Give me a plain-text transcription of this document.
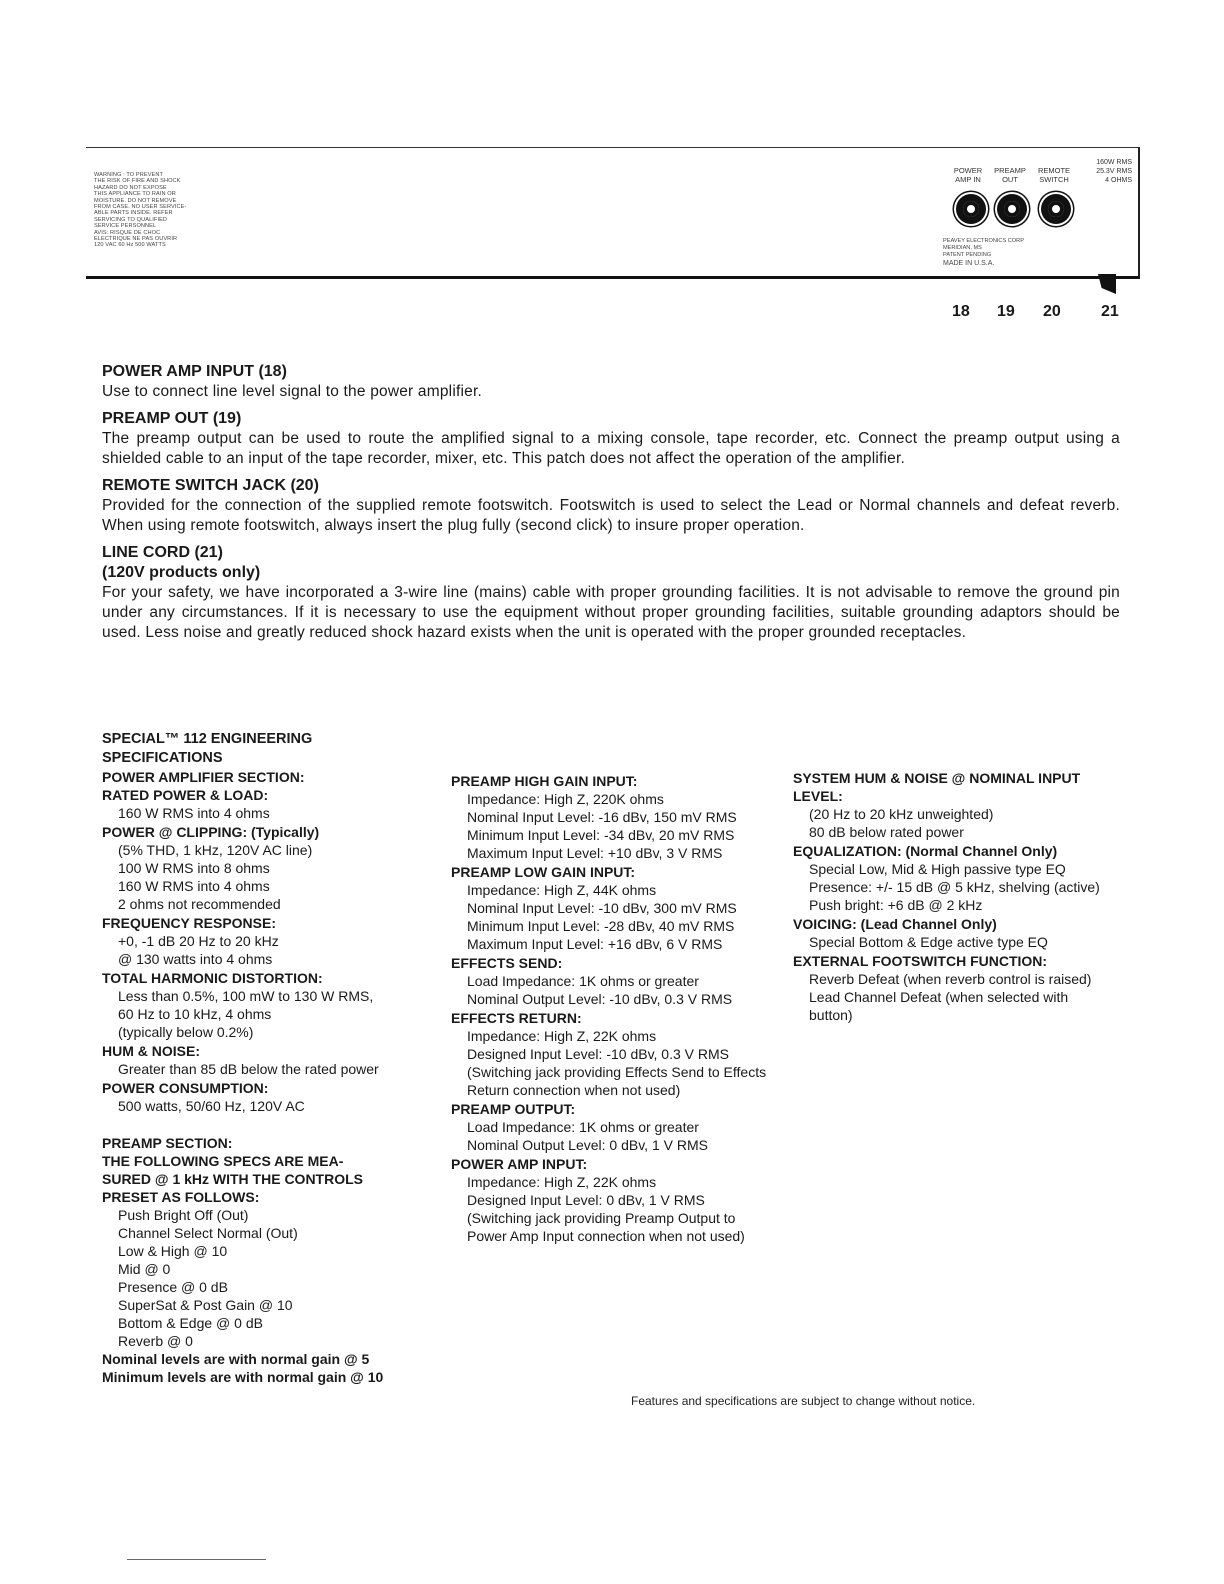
WARNING : TO PREVENT
THE RISK OF FIRE AND SHOCK
HAZARD DO NOT EXPOSE
THIS APPLIANCE TO RAIN OR
MOISTURE. DO NOT REMOVE
FROM CASE. NO USER SERVICE-
ABLE PARTS INSIDE. REFER
SERVICING TO QUALIFIED
SERVICE PERSONNEL
AVIS: RISQUE DE CHOC
ELECTRIQUE NE PAS OUVRIR
120 VAC 60 Hz 500 WATTS
POWER
AMP IN
PREAMP
OUT
REMOTE
SWITCH
160W RMS
25.3V RMS
4 OHMS
PEAVEY ELECTRONICS CORP
MERIDIAN, MS
PATENT PENDING
MADE IN U.S.A.
18 19 20	21

POWER AMP INPUT (18)

Use to connect line level signal to the power amplifier.

PREAMP OUT (19)

The preamp output can be used to route the amplified signal to a mixing console, tape recorder, etc. Connect the preamp output using a shielded cable to an input of the tape recorder, mixer, etc. This patch does not affect the operation of the amplifier.

REMOTE SWITCH JACK (20)

Provided for the connection of the supplied remote footswitch. Footswitch is used to select the Lead or Normal channels and defeat reverb. When using remote footswitch, always insert the plug fully (second click) to insure proper operation.

LINE CORD (21)

(120V products only)

For your safety, we have incorporated a 3-wire line (mains) cable with proper grounding facilities. It is not advisable to remove the ground pin under any circumstances. If it is necessary to use the equipment without proper grounding facilities, suitable grounding adaptors should be used. Less noise and greatly reduced shock hazard exists when the unit is operated with the proper grounded receptacles.

SPECIAL™ 112 ENGINEERING
SPECIFICATIONS
POWER AMPLIFIER SECTION:
RATED POWER & LOAD:
160 W RMS into 4 ohms
POWER @ CLIPPING: (Typically)
(5% THD, 1 kHz, 120V AC line)
100 W RMS into 8 ohms
160 W RMS into 4 ohms
2 ohms not recommended
FREQUENCY RESPONSE:
+0, -1 dB 20 Hz to 20 kHz
@ 130 watts into 4 ohms
TOTAL HARMONIC DISTORTION:
Less than 0.5%, 100 mW to 130 W RMS,
60 Hz to 10 kHz, 4 ohms
(typically below 0.2%)
HUM & NOISE:
Greater than 85 dB below the rated power
POWER CONSUMPTION:
500 watts, 50/60 Hz, 120V AC
PREAMP SECTION:
THE FOLLOWING SPECS ARE MEA-
SURED @ 1 kHz WITH THE CONTROLS
PRESET AS FOLLOWS:
Push Bright Off (Out)
Channel Select Normal (Out)
Low & High @ 10
Mid @ 0
Presence @ 0 dB
SuperSat & Post Gain @ 10
Bottom & Edge @ 0 dB
Reverb @ 0
Nominal levels are with normal gain @ 5
Minimum levels are with normal gain @ 10
PREAMP HIGH GAIN INPUT:
Impedance: High Z, 220K ohms
Nominal Input Level: -16 dBv, 150 mV RMS
Minimum Input Level: -34 dBv, 20 mV RMS
Maximum Input Level: +10 dBv, 3 V RMS
PREAMP LOW GAIN INPUT:
Impedance: High Z, 44K ohms
Nominal Input Level: -10 dBv, 300 mV RMS
Minimum Input Level: -28 dBv, 40 mV RMS
Maximum Input Level: +16 dBv, 6 V RMS
EFFECTS SEND:
Load Impedance: 1K ohms or greater
Nominal Output Level: -10 dBv, 0.3 V RMS
EFFECTS RETURN:
Impedance: High Z, 22K ohms
Designed Input Level: -10 dBv, 0.3 V RMS
(Switching jack providing Effects Send to Effects Return connection when not used)
PREAMP OUTPUT:
Load Impedance: 1K ohms or greater
Nominal Output Level: 0 dBv, 1 V RMS
POWER AMP INPUT:
Impedance: High Z, 22K ohms
Designed Input Level: 0 dBv, 1 V RMS
(Switching jack providing Preamp Output to Power Amp Input connection when not used)
SYSTEM HUM & NOISE @ NOMINAL INPUT LEVEL:
(20 Hz to 20 kHz unweighted)
80 dB below rated power
EQUALIZATION: (Normal Channel Only)
Special Low, Mid & High passive type EQ
Presence: +/- 15 dB @ 5 kHz, shelving (active)
Push bright: +6 dB @ 2 kHz
VOICING: (Lead Channel Only)
Special Bottom & Edge active type EQ
EXTERNAL FOOTSWITCH FUNCTION:
Reverb Defeat (when reverb control is raised)
Lead Channel Defeat (when selected with button)
Features and specifications are subject to change without notice.
